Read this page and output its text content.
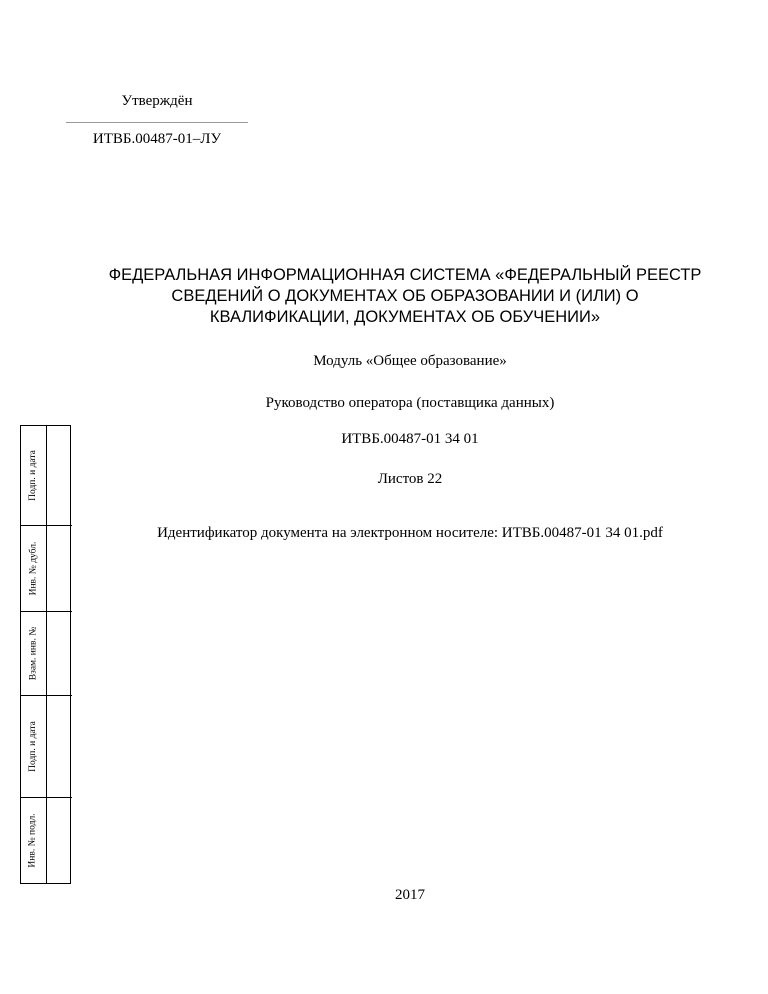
Утверждён
ИТВБ.00487-01–ЛУ
ФЕДЕРАЛЬНАЯ ИНФОРМАЦИОННАЯ СИСТЕМА «ФЕДЕРАЛЬНЫЙ РЕЕСТР
СВЕДЕНИЙ О ДОКУМЕНТАХ ОБ ОБРАЗОВАНИИ И (ИЛИ) О
КВАЛИФИКАЦИИ, ДОКУМЕНТАХ ОБ ОБУЧЕНИИ»
Модуль «Общее образование»
Руководство оператора (поставщика данных)
ИТВБ.00487-01 34 01
Листов 22
Идентификатор документа на электронном носителе: ИТВБ.00487-01 34 01.pdf
2017
Подп. и дата
Инв. № дубл.
Взам. инв. №
Подп. и дата
Инв. № подл.
